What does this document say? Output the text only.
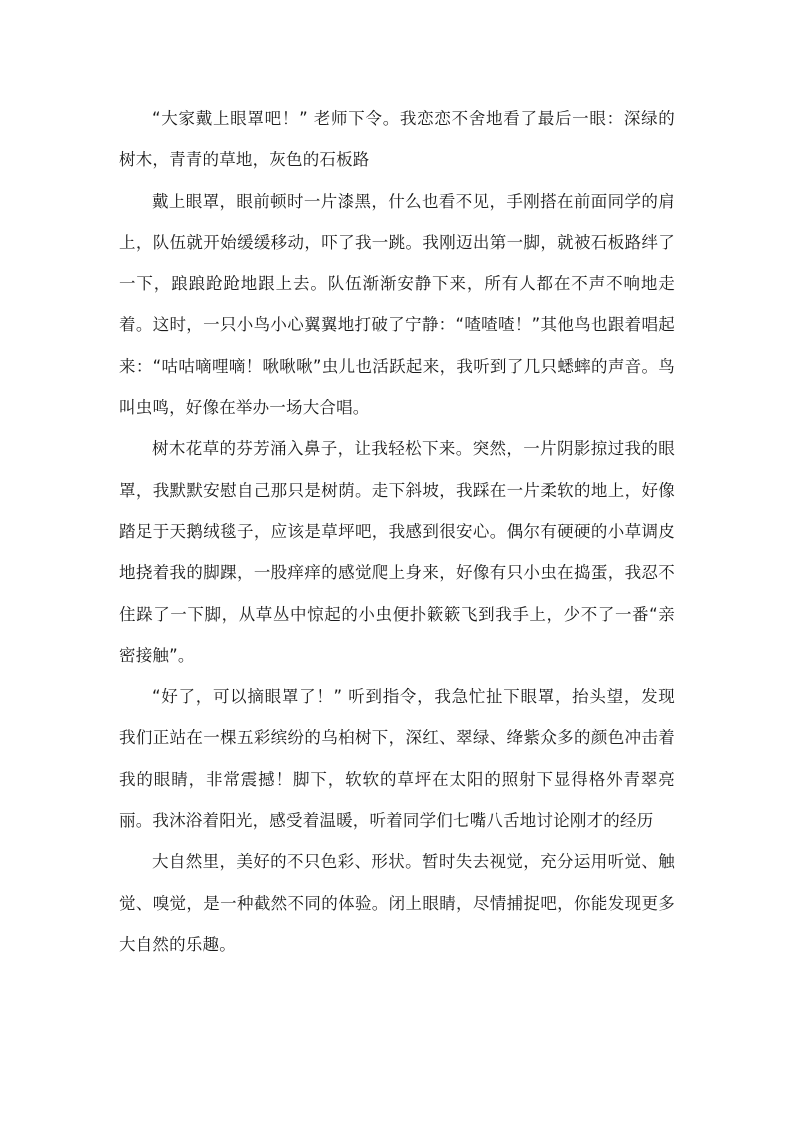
“大家戴上眼罩吧！” 老师下令。我恋恋不舍地看了最后一眼：深绿的树木，青青的草地，灰色的石板路

戴上眼罩，眼前顿时一片漆黑，什么也看不见，手刚搭在前面同学的肩上，队伍就开始缓缓移动，吓了我一跳。我刚迈出第一脚，就被石板路绊了一下，踉踉跄跄地跟上去。队伍渐渐安静下来，所有人都在不声不响地走着。这时，一只小鸟小心翼翼地打破了宁静：“喳喳喳！”其他鸟也跟着唱起来：“咕咕嘀哩嘀！啾啾啾”虫儿也活跃起来，我听到了几只蟋蟀的声音。鸟叫虫鸣，好像在举办一场大合唱。

树木花草的芬芳涌入鼻子，让我轻松下来。突然，一片阴影掠过我的眼罩，我默默安慰自己那只是树荫。走下斜坡，我踩在一片柔软的地上，好像踏足于天鹅绒毯子，应该是草坪吧，我感到很安心。偶尔有硬硬的小草调皮地挠着我的脚踝，一股痒痒的感觉爬上身来，好像有只小虫在捣蛋，我忍不住跺了一下脚，从草丛中惊起的小虫便扑簌簌飞到我手上，少不了一番“亲密接触”。

“好了，可以摘眼罩了！” 听到指令，我急忙扯下眼罩，抬头望，发现我们正站在一棵五彩缤纷的乌桕树下，深红、翠绿、绛紫众多的颜色冲击着我的眼睛，非常震撼！脚下，软软的草坪在太阳的照射下显得格外青翠亮丽。我沐浴着阳光，感受着温暖，听着同学们七嘴八舌地讨论刚才的经历

大自然里，美好的不只色彩、形状。暂时失去视觉，充分运用听觉、触觉、嗅觉，是一种截然不同的体验。闭上眼睛，尽情捕捉吧，你能发现更多大自然的乐趣。
